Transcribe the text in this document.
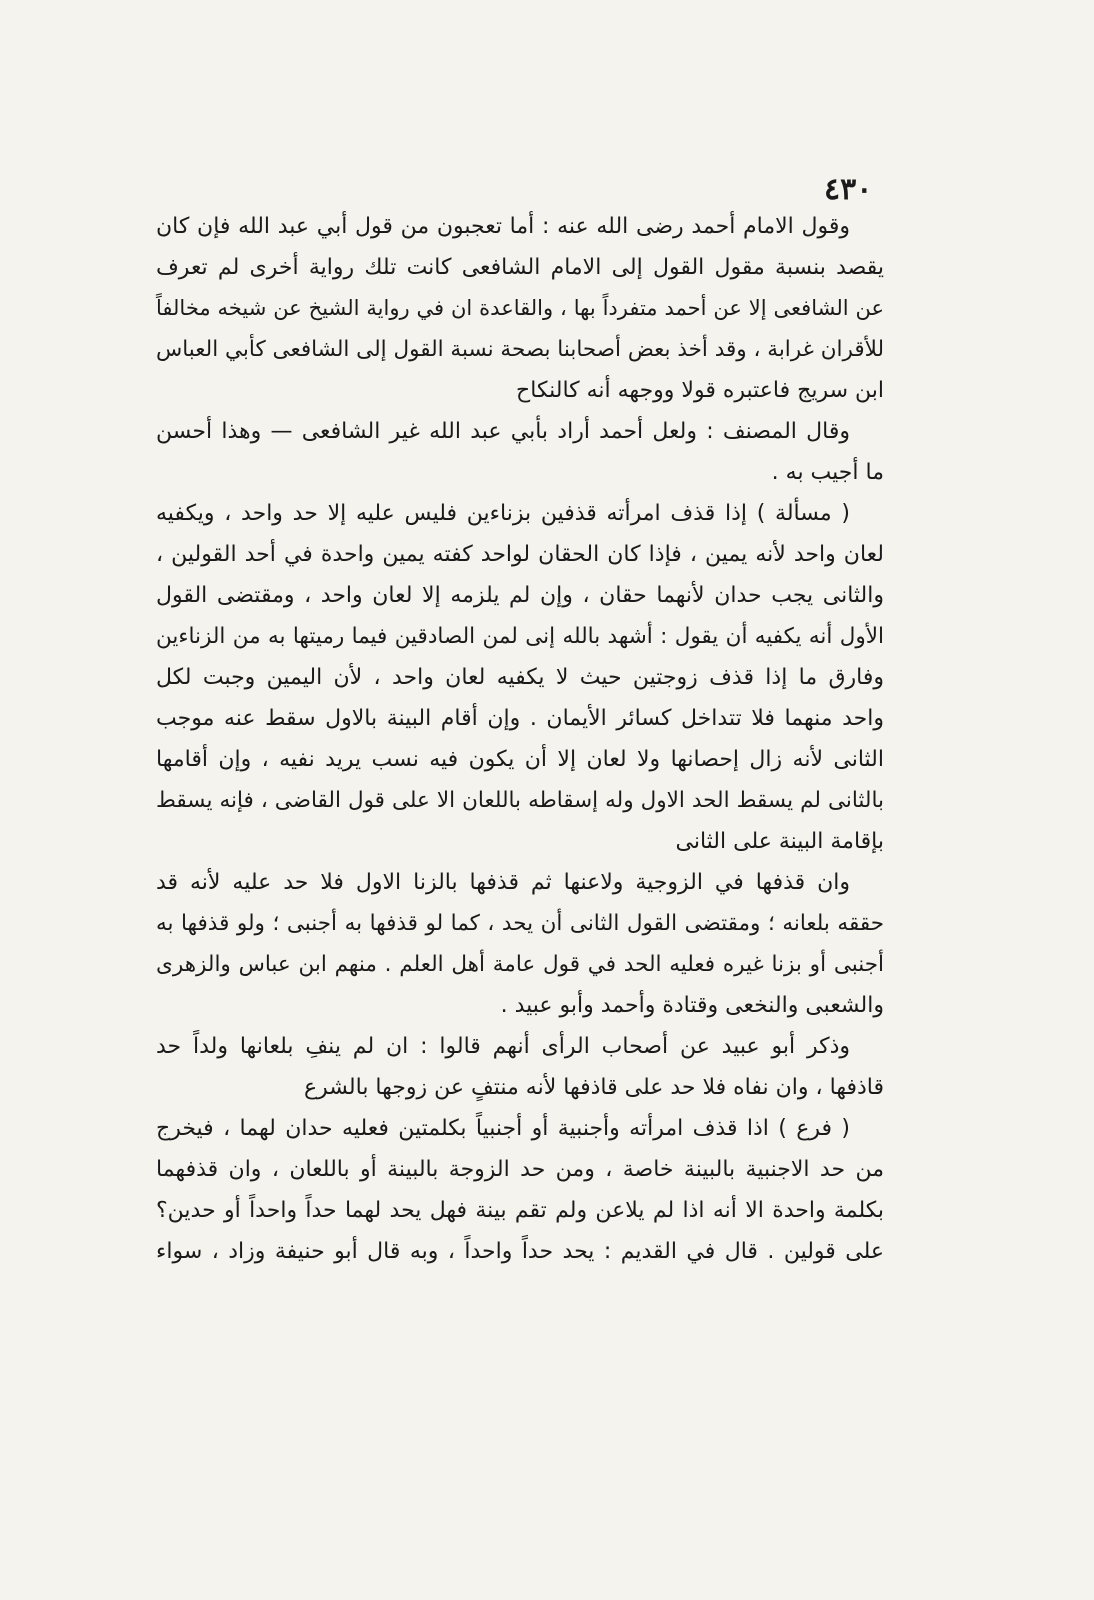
٤٣٠
وقول الامام أحمد رضى الله عنه : أما تعجبون من قول أبي عبد الله فإن كان
يقصد بنسبة مقول القول إلى الامام الشافعى كانت تلك رواية أخرى لم تعرف
عن الشافعى إلا عن أحمد متفرداً بها ، والقاعدة ان في رواية الشيخ عن شيخه مخالفاً
للأقران غرابة ، وقد أخذ بعض أصحابنا بصحة نسبة القول إلى الشافعى كأبي العباس
ابن سريج فاعتبره قولا ووجهه أنه كالنكاح
وقال المصنف : ولعل أحمد أراد بأبي عبد الله غير الشافعى — وهذا أحسن
ما أجيب به .
( مسألة ) إذا قذف امرأته قذفين بزناءين فليس عليه إلا حد واحد ، ويكفيه
لعان واحد لأنه يمين ، فإذا كان الحقان لواحد كفته يمين واحدة في أحد القولين ،
والثانى يجب حدان لأنهما حقان ، وإن لم يلزمه إلا لعان واحد ، ومقتضى القول
الأول أنه يكفيه أن يقول : أشهد بالله إنى لمن الصادقين فيما رميتها به من الزناءين
وفارق ما إذا قذف زوجتين حيث لا يكفيه لعان واحد ، لأن اليمين وجبت لكل
واحد منهما فلا تتداخل كسائر الأيمان . وإن أقام البينة بالاول سقط عنه موجب
الثانى لأنه زال إحصانها ولا لعان إلا أن يكون فيه نسب يريد نفيه ، وإن أقامها
بالثانى لم يسقط الحد الاول وله إسقاطه باللعان الا على قول القاضى ، فإنه يسقط
بإقامة البينة على الثانى
وان قذفها في الزوجية ولاعنها ثم قذفها بالزنا الاول فلا حد عليه لأنه قد
حققه بلعانه ؛ ومقتضى القول الثانى أن يحد ، كما لو قذفها به أجنبى ؛ ولو قذفها به
أجنبى أو بزنا غيره فعليه الحد في قول عامة أهل العلم . منهم ابن عباس والزهرى
والشعبى والنخعى وقتادة وأحمد وأبو عبيد .
وذكر أبو عبيد عن أصحاب الرأى أنهم قالوا : ان لم ينفِ بلعانها ولداً حد
قاذفها ، وان نفاه فلا حد على قاذفها لأنه منتفٍ عن زوجها بالشرع
( فرع ) اذا قذف امرأته وأجنبية أو أجنبياً بكلمتين فعليه حدان لهما ، فيخرج
من حد الاجنبية بالبينة خاصة ، ومن حد الزوجة بالبينة أو باللعان ، وان قذفهما
بكلمة واحدة الا أنه اذا لم يلاعن ولم تقم بينة فهل يحد لهما حداً واحداً أو حدين؟
على قولين . قال في القديم : يحد حداً واحداً ، وبه قال أبو حنيفة وزاد ، سواء
